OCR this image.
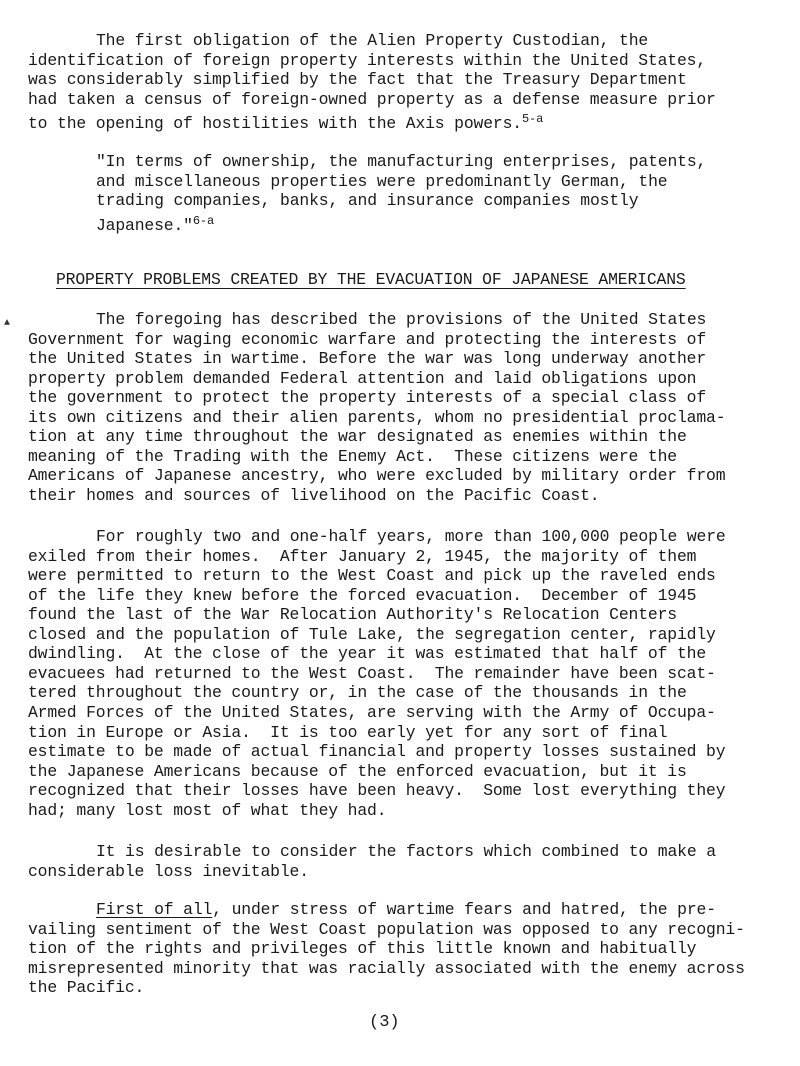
The first obligation of the Alien Property Custodian, the
identification of foreign property interests within the United States,
was considerably simplified by the fact that the Treasury Department
had taken a census of foreign-owned property as a defense measure prior
to the opening of hostilities with the Axis powers.$^{5-a}$
"In terms of ownership, the manufacturing enterprises, patents,
and miscellaneous properties were predominantly German, the
trading companies, banks, and insurance companies mostly
Japanese."$^{6-a}$
The foregoing has described the provisions of the United States
Government for waging economic warfare and protecting the interests of
the United States in wartime. Before the war was long underway another
property problem demanded Federal attention and laid obligations upon
the government to protect the property interests of a special class of
its own citizens and their alien parents, whom no presidential proclama-
tion at any time throughout the war designated as enemies within the
meaning of the Trading with the Enemy Act.  These citizens were the
Americans of Japanese ancestry, who were excluded by military order from
their homes and sources of livelihood on the Pacific Coast.
For roughly two and one-half years, more than 100,000 people were
exiled from their homes.  After January 2, 1945, the majority of them
were permitted to return to the West Coast and pick up the raveled ends
of the life they knew before the forced evacuation.  December of 1945
found the last of the War Relocation Authority's Relocation Centers
closed and the population of Tule Lake, the segregation center, rapidly
dwindling.  At the close of the year it was estimated that half of the
evacuees had returned to the West Coast.  The remainder have been scat-
tered throughout the country or, in the case of the thousands in the
Armed Forces of the United States, are serving with the Army of Occupa-
tion in Europe or Asia.  It is too early yet for any sort of final
estimate to be made of actual financial and property losses sustained by
the Japanese Americans because of the enforced evacuation, but it is
recognized that their losses have been heavy.  Some lost everything they
had; many lost most of what they had.
It is desirable to consider the factors which combined to make a
considerable loss inevitable.
First of all, under stress of wartime fears and hatred, the pre-
vailing sentiment of the West Coast population was opposed to any recogni-
tion of the rights and privileges of this little known and habitually
misrepresented minority that was racially associated with the enemy across
the Pacific.
PROPERTY PROBLEMS CREATED BY THE EVACUATION OF JAPANESE AMERICANS
▲
(3)
